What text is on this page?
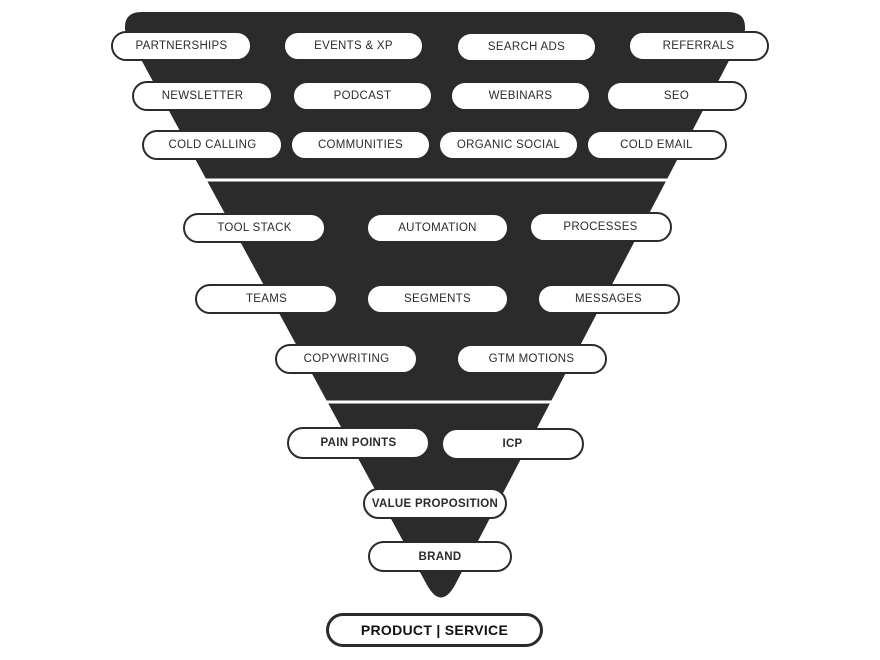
PARTNERSHIPS	EVENTS & XP	SEARCH ADS	REFERRALS
NEWSLETTER	PODCAST	WEBINARS	SEO
COLD CALLING	COMMUNITIES	ORGANIC SOCIAL	COLD EMAIL
TOOL STACK	AUTOMATION	PROCESSES
TEAMS	SEGMENTS	MESSAGES
COPYWRITING	GTM MOTIONS
PAIN POINTS	ICP
VALUE PROPOSITION
BRAND
PRODUCT | SERVICE
